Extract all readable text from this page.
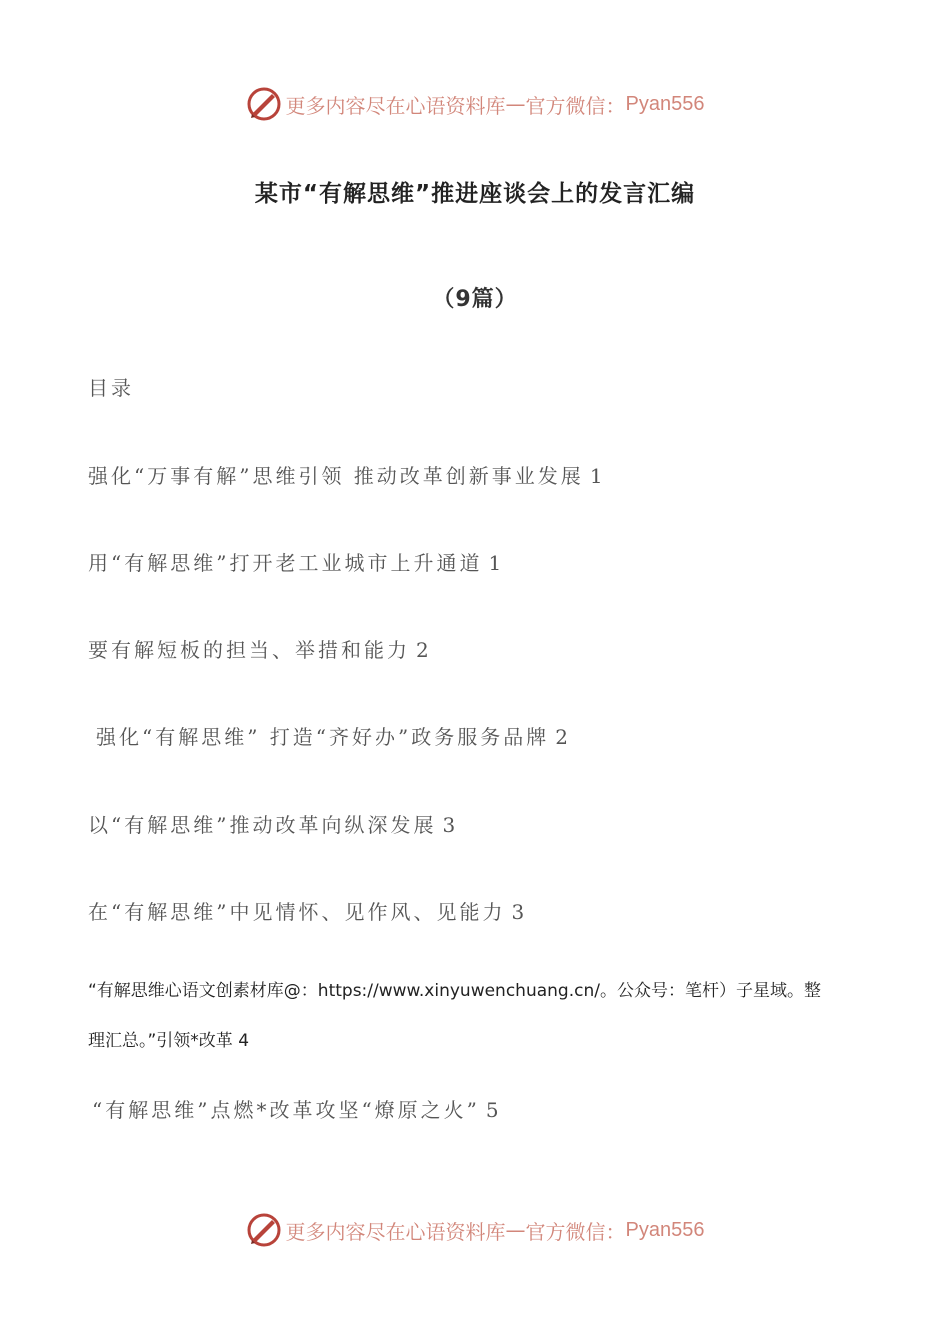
更多内容尽在心语资料库 — 官方微信： Pyan556
某市“有解思维”推进座谈会上的发言汇编
（9篇）
目录
强化“万事有解”思维引领 推动改革创新事业发展 1
用“有解思维”打开老工业城市上升通道 1
要有解短板的担当、举措和能力 2
强化“有解思维” 打造“齐好办”政务服务品牌 2
以“有解思维”推动改革向纵深发展 3
在“有解思维”中见情怀、见作风、见能力 3
“有解思维心语文创素材库@：https://www.xinyuwenchuang.cn/。公众号：笔杆）子星域。整
理汇总。”引领*改革 4
“有解思维”点燃*改革攻坚“燎原之火” 5
更多内容尽在心语资料库 — 官方微信： Pyan556
